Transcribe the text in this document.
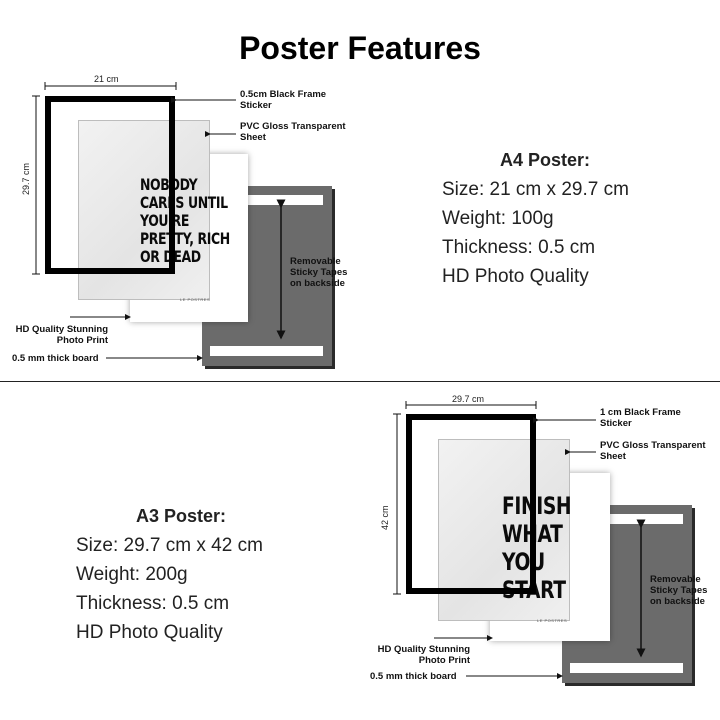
Poster Features
NOBODY CARES UNTIL YOU'RE PRETTY, RICH OR DEAD
LE POSTRES
21 cm
29.7 cm
0.5cm Black Frame Sticker
PVC Gloss Transparent Sheet
Removable Sticky Tapes on backside
HD Quality Stunning Photo Print
0.5 mm thick board
A4 Poster:
Size: 21 cm x 29.7 cm
Weight: 100g
Thickness: 0.5 cm
HD Photo Quality
A3 Poster:
Size: 29.7 cm x 42 cm
Weight: 200g
Thickness: 0.5 cm
HD Photo Quality
FINISH WHAT YOU START
LE POSTRES
29.7 cm
42 cm
1 cm Black Frame Sticker
PVC Gloss Transparent Sheet
Removable Sticky Tapes on backside
HD Quality Stunning Photo Print
0.5 mm thick board
